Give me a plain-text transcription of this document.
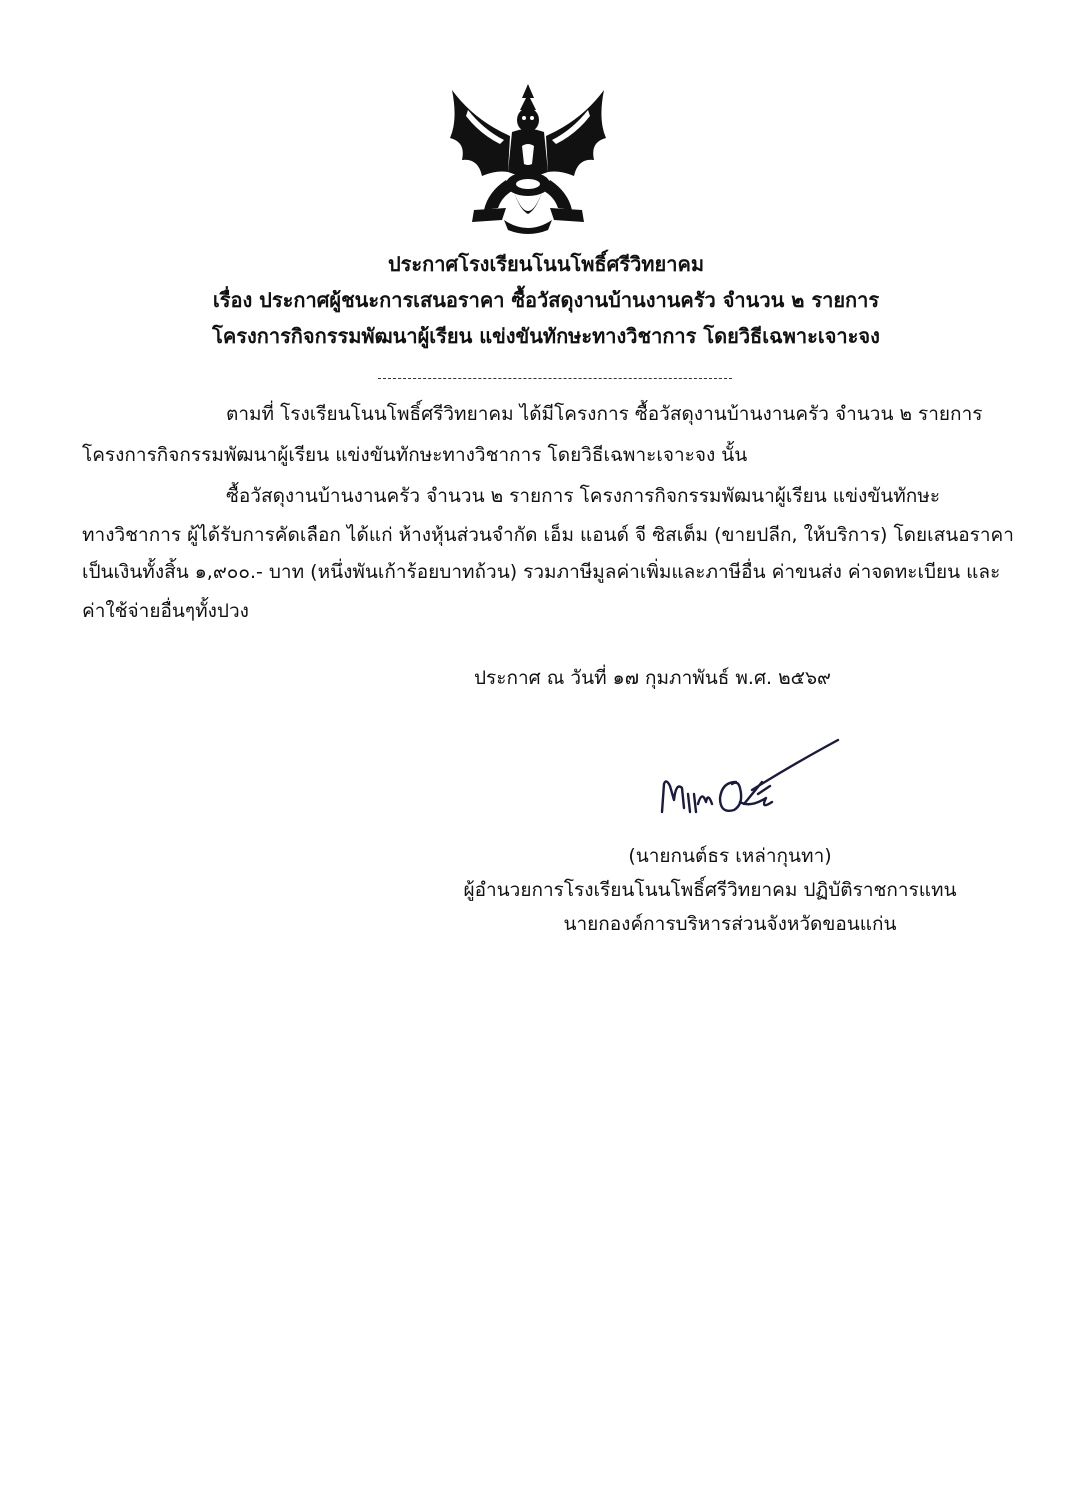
ประกาศโรงเรียนโนนโพธิ์ศรีวิทยาคม
เรื่อง ประกาศผู้ชนะการเสนอราคา ซื้อวัสดุงานบ้านงานครัว จำนวน ๒ รายการ
โครงการกิจกรรมพัฒนาผู้เรียน แข่งขันทักษะทางวิชาการ โดยวิธีเฉพาะเจาะจง
ตามที่ โรงเรียนโนนโพธิ์ศรีวิทยาคม ได้มีโครงการ ซื้อวัสดุงานบ้านงานครัว จำนวน ๒ รายการ
โครงการกิจกรรมพัฒนาผู้เรียน แข่งขันทักษะทางวิชาการ โดยวิธีเฉพาะเจาะจง นั้น
ซื้อวัสดุงานบ้านงานครัว จำนวน ๒ รายการ โครงการกิจกรรมพัฒนาผู้เรียน แข่งขันทักษะ
ทางวิชาการ ผู้ได้รับการคัดเลือก ได้แก่ ห้างหุ้นส่วนจำกัด เอ็ม แอนด์ จี ซิสเต็ม (ขายปลีก, ให้บริการ) โดยเสนอราคา
เป็นเงินทั้งสิ้น ๑,๙๐๐.- บาท (หนึ่งพันเก้าร้อยบาทถ้วน) รวมภาษีมูลค่าเพิ่มและภาษีอื่น ค่าขนส่ง ค่าจดทะเบียน และ
ค่าใช้จ่ายอื่นๆทั้งปวง
ประกาศ ณ วันที่ ๑๗ กุมภาพันธ์ พ.ศ. ๒๕๖๙
(นายกนต์ธร เหล่ากุนทา)
ผู้อำนวยการโรงเรียนโนนโพธิ์ศรีวิทยาคม ปฏิบัติราชการแทน
นายกองค์การบริหารส่วนจังหวัดขอนแก่น
